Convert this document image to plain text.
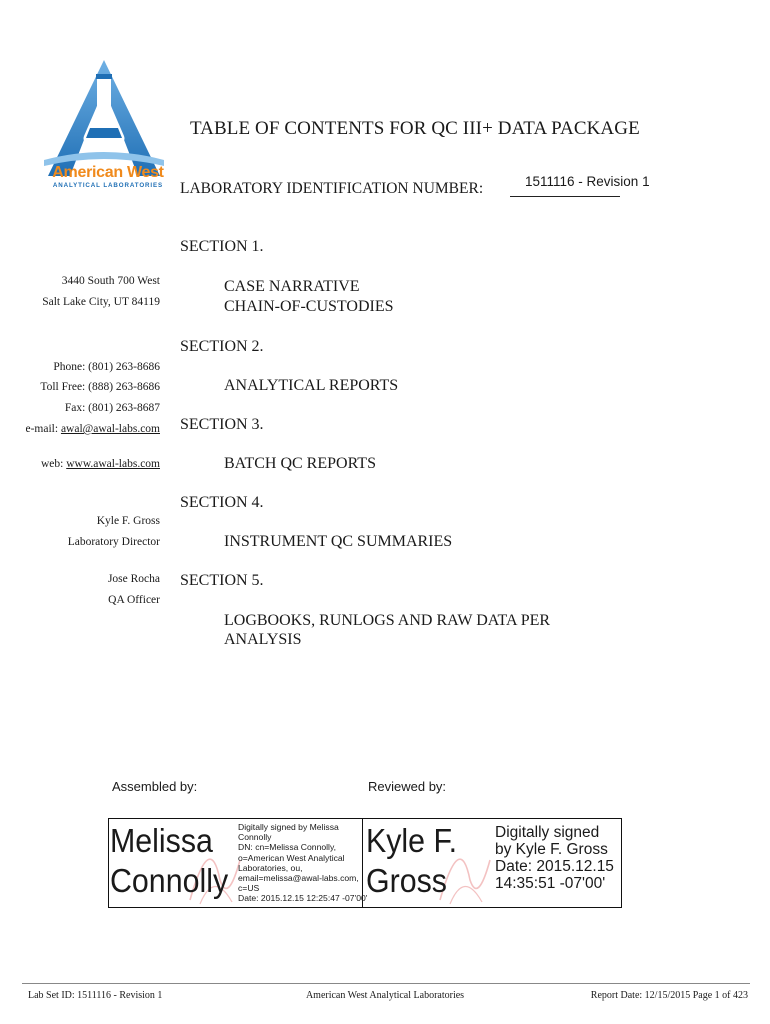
American West
ANALYTICAL LABORATORIES
TABLE OF CONTENTS FOR QC III+ DATA PACKAGE
LABORATORY IDENTIFICATION NUMBER:	1511116 - Revision 1
SECTION 1.
CASE NARRATIVE
CHAIN-OF-CUSTODIES
SECTION 2.
ANALYTICAL REPORTS
SECTION 3.
BATCH QC REPORTS
SECTION 4.
INSTRUMENT QC SUMMARIES
SECTION 5.
LOGBOOKS, RUNLOGS AND RAW DATA PER
ANALYSIS
3440 South 700 West
Salt Lake City, UT 84119
Phone: (801) 263-8686
Toll Free: (888) 263-8686
Fax: (801) 263-8687
e-mail: awal@awal-labs.com
web: www.awal-labs.com
Kyle F. Gross
Laboratory Director
Jose Rocha
QA Officer
Assembled by:	Reviewed by:
Melissa
Connolly
Digitally signed by Melissa
Connolly
DN: cn=Melissa Connolly,
o=American West Analytical
Laboratories, ou,
email=melissa@awal-labs.com,
c=US
Date: 2015.12.15 12:25:47 -07'00'
Kyle F.
Gross
Digitally signed
by Kyle F. Gross
Date: 2015.12.15
14:35:51 -07'00'
Lab Set ID: 1511116 - Revision 1	American West Analytical Laboratories	Report Date: 12/15/2015 Page 1 of 423
